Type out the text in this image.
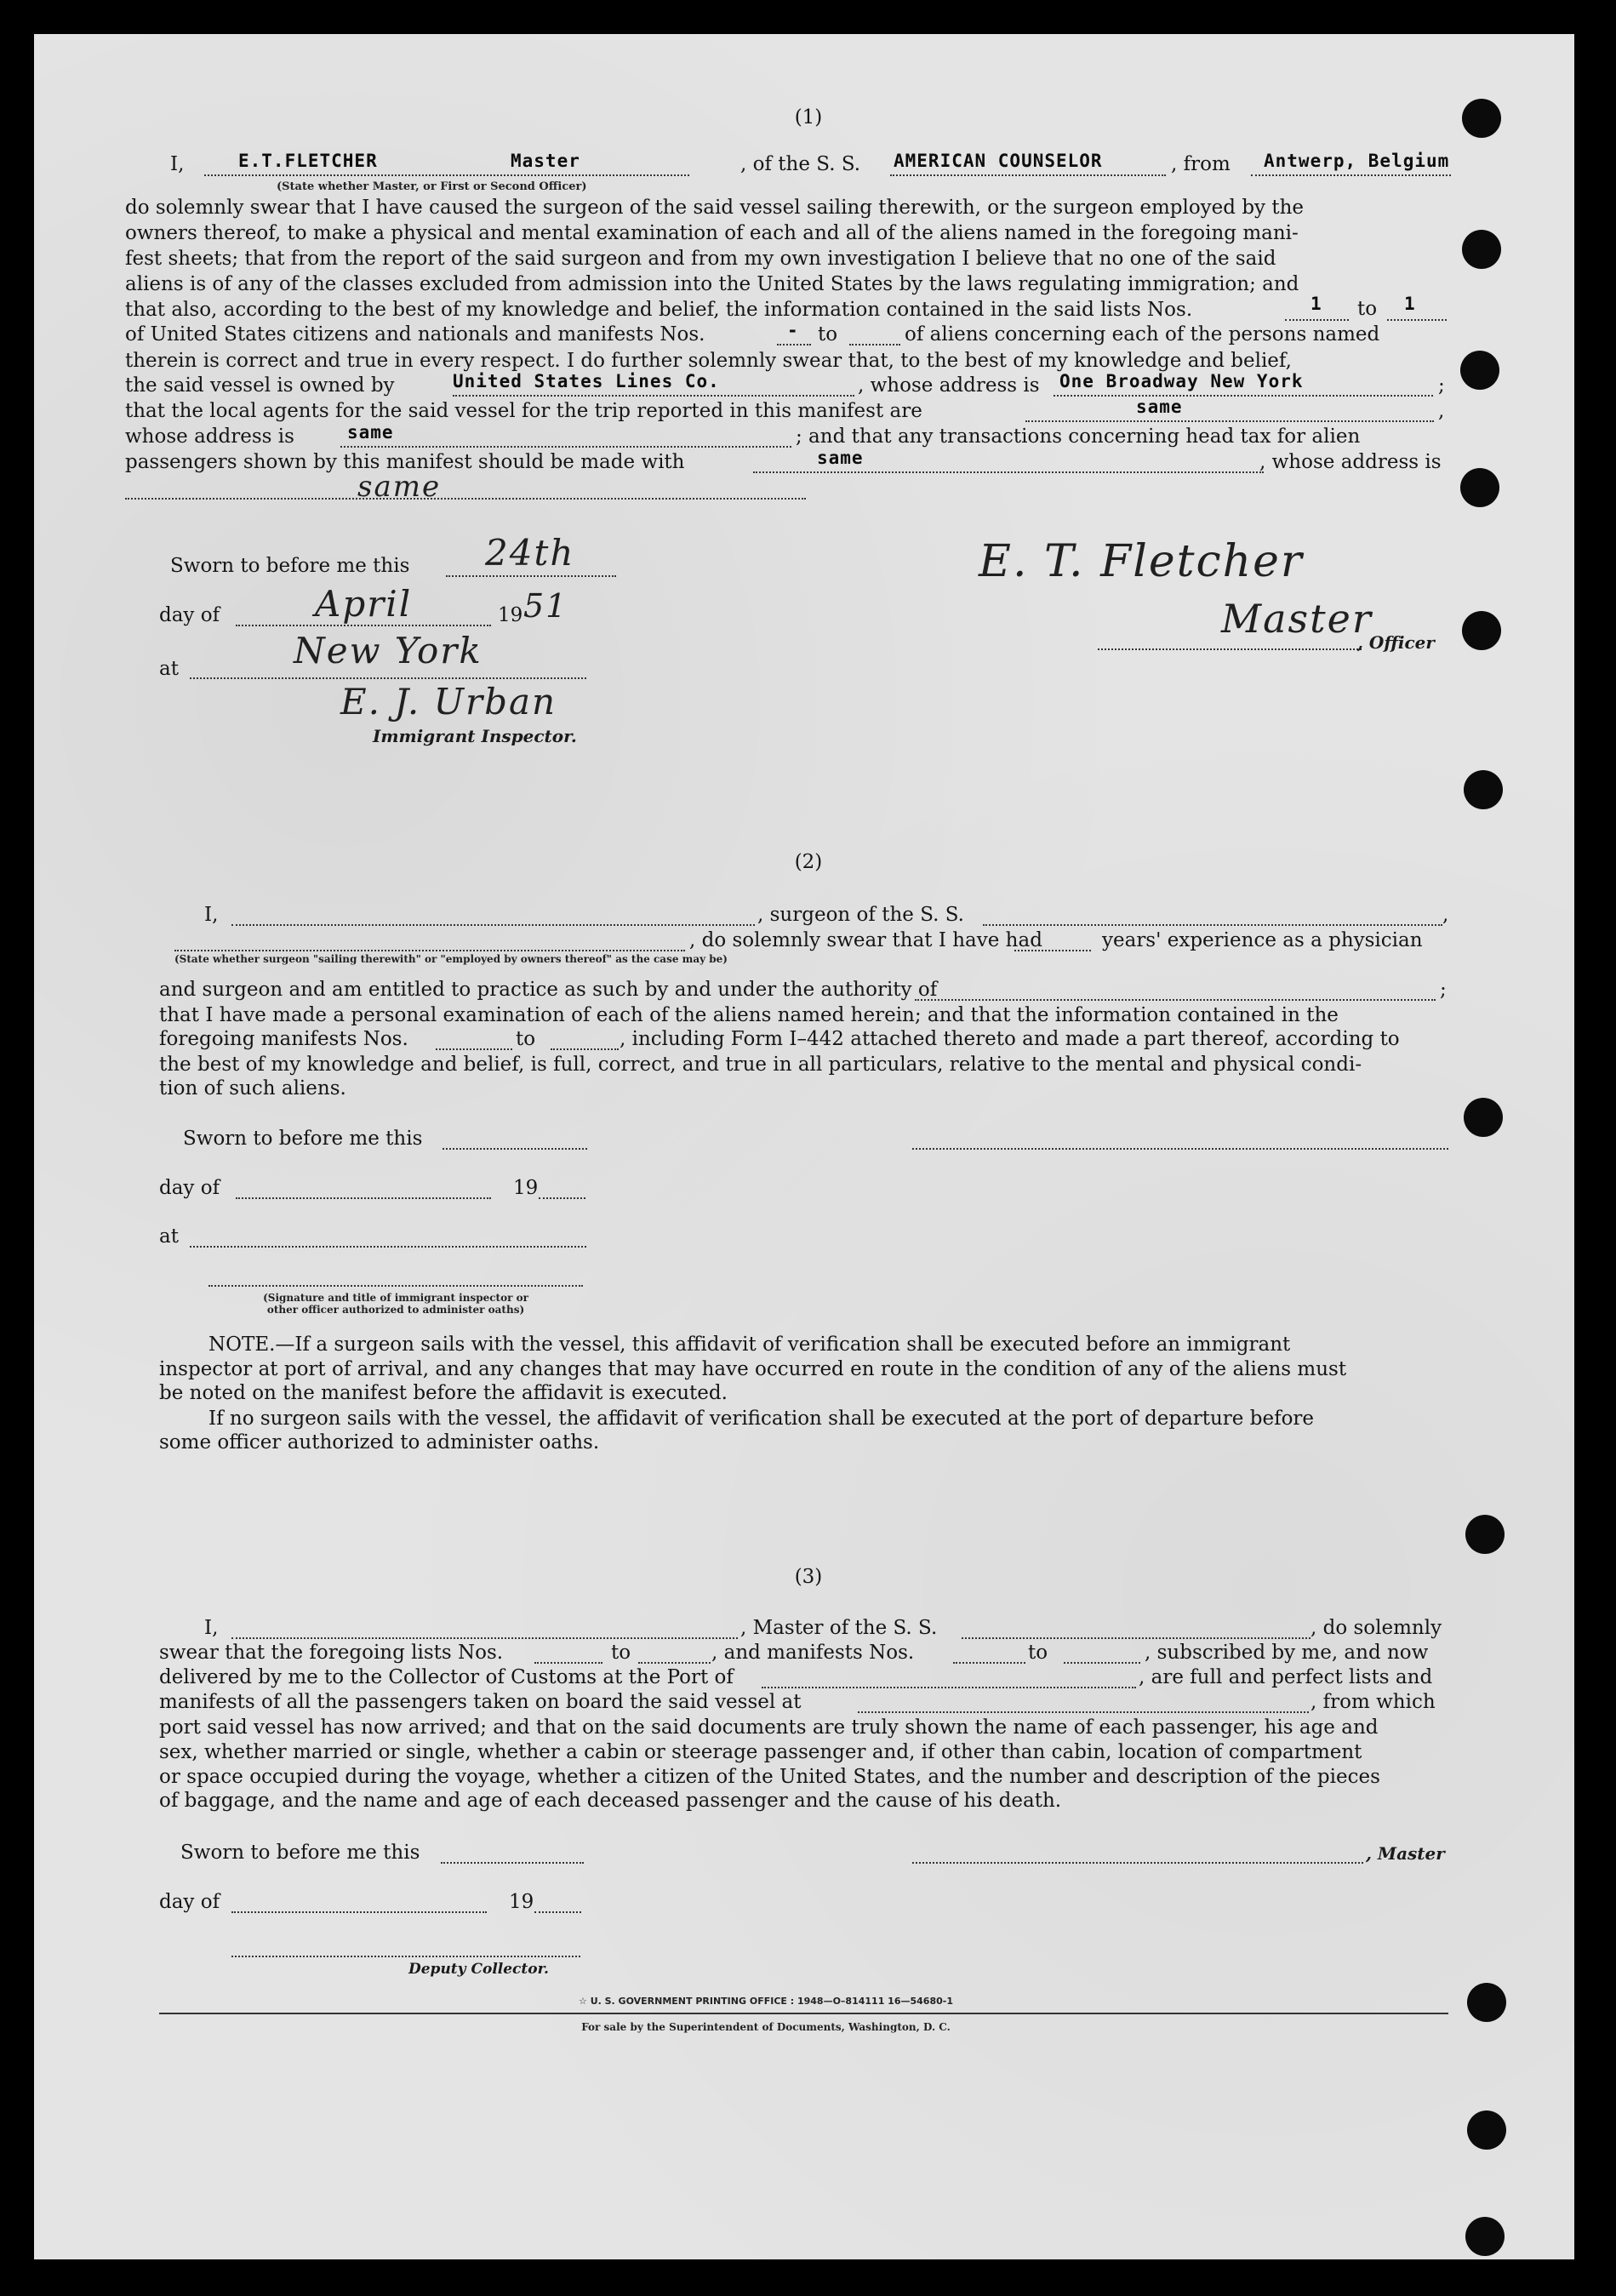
(1)
I,	E.T.FLETCHER	Master
(State whether Master, or First or Second Officer)
, of the S. S. AMERICAN COUNSELOR	, from Antwerp, Belgium
do solemnly swear that I have caused the surgeon of the said vessel sailing therewith, or the surgeon employed by the
owners thereof, to make a physical and mental examination of each and all of the aliens named in the foregoing mani-
fest sheets; that from the report of the said surgeon and from my own investigation I believe that no one of the said
aliens is of any of the classes excluded from admission into the United States by the laws regulating immigration; and
that also, according to the best of my knowledge and belief, the information contained in the said lists Nos.	1 to 1
of United States citizens and nationals and manifests Nos.	- to	of aliens concerning each of the persons named
therein is correct and true in every respect. I do further solemnly swear that, to the best of my knowledge and belief,
the said vessel is owned by	United States Lines Co.	, whose address is One Broadway New York	;
that the local agents for the said vessel for the trip reported in this manifest are	same	,
whose address is	same	; and that any transactions concerning head tax for alien
passengers shown by this manifest should be made with	same	, whose address is
same
Sworn to before me this 24th
day of	April	19 51
at	New York
E. J. Urban
Immigrant Inspector.
E. T. Fletcher
Master
, Officer
(2)
I,	, surgeon of the S. S.	,
, do solemnly swear that I have had	years' experience as a physician
(State whether surgeon "sailing therewith" or "employed by owners thereof" as the case may be)
and surgeon and am entitled to practice as such by and under the authority of	;
that I have made a personal examination of each of the aliens named herein; and that the information contained in the
foregoing manifests Nos.	to	, including Form I–442 attached thereto and made a part thereof, according to
the best of my knowledge and belief, is full, correct, and true in all particulars, relative to the mental and physical condi-
tion of such aliens.
Sworn to before me this
day of	19
at
(Signature and title of immigrant inspector or
other officer authorized to administer oaths)
NOTE.—If a surgeon sails with the vessel, this affidavit of verification shall be executed before an immigrant
inspector at port of arrival, and any changes that may have occurred en route in the condition of any of the aliens must
be noted on the manifest before the affidavit is executed.
If no surgeon sails with the vessel, the affidavit of verification shall be executed at the port of departure before
some officer authorized to administer oaths.
(3)
I,	, Master of the S. S.	, do solemnly
swear that the foregoing lists Nos.	to	, and manifests Nos.	to	, subscribed by me, and now
delivered by me to the Collector of Customs at the Port of	, are full and perfect lists and
manifests of all the passengers taken on board the said vessel at	, from which
port said vessel has now arrived; and that on the said documents are truly shown the name of each passenger, his age and
sex, whether married or single, whether a cabin or steerage passenger and, if other than cabin, location of compartment
or space occupied during the voyage, whether a citizen of the United States, and the number and description of the pieces
of baggage, and the name and age of each deceased passenger and the cause of his death.
Sworn to before me this	, Master
day of	19
Deputy Collector.
☆ U. S. GOVERNMENT PRINTING OFFICE : 1948—O–814111 16—54680-1
For sale by the Superintendent of Documents, Washington, D. C.
